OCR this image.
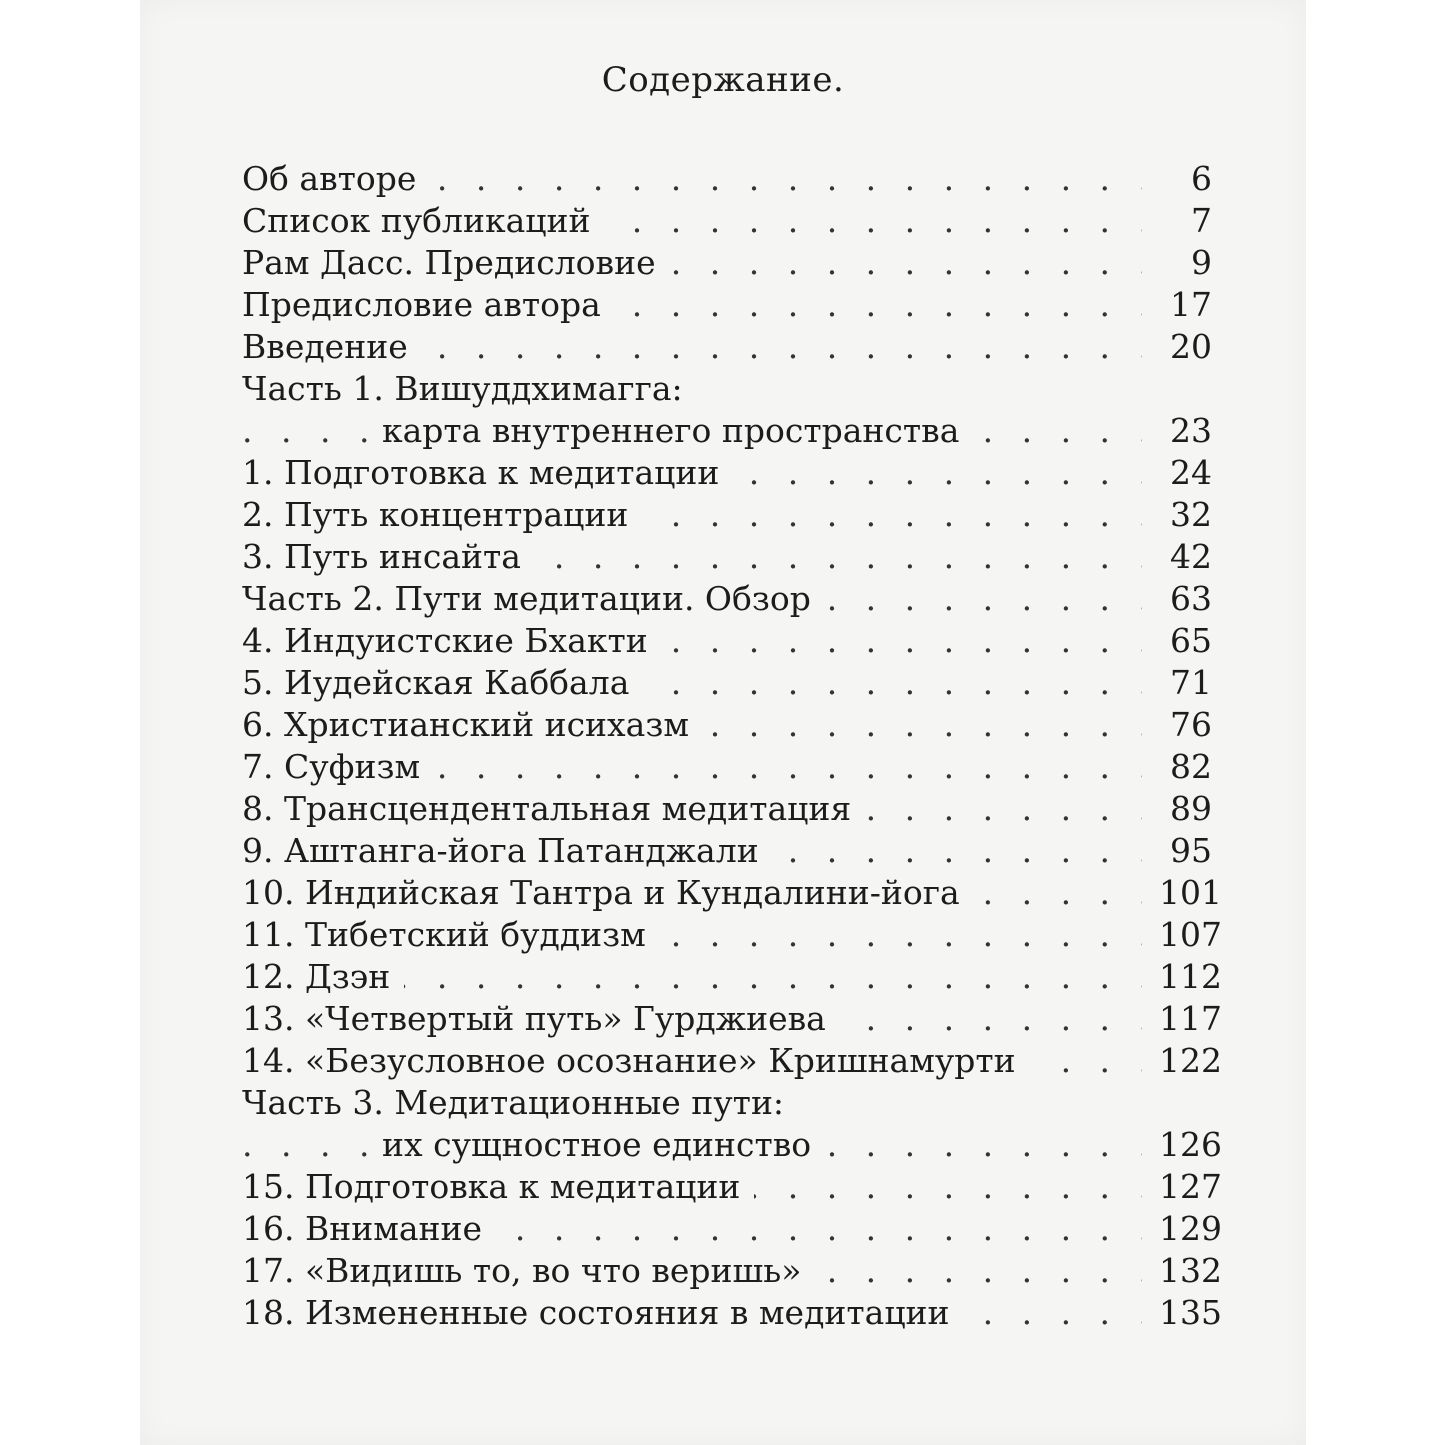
Содержание.
. . .
Об авторе	6
. . .
Список публикаций	7
. . .
Рам Дасс. Предисловие	9
. . .
Предисловие автора	17
. . .
Введение	20
Часть 1. Вишуддхимагга:
. . .
карта внутреннего пространства	23
. . .
1. Подготовка к медитации	24
. . .
2. Путь концентрации	32
. . .
3. Путь инсайта	42
. . .
Часть 2. Пути медитации. Обзор	63
. . .
4. Индуистские Бхакти	65
. . .
5. Иудейская Каббала	71
. . .
6. Христианский исихазм	76
. . .
7. Суфизм	82
. . .
8. Трансцендентальная медитация	89
. . .
9. Аштанга-йога Патанджали	95
. . .
10. Индийская Тантра и Кундалини-йога	101
. . .
11. Тибетский буддизм	107
. . .
12. Дзэн	112
. . .
13. «Четвертый путь» Гурджиева	117
. . .
14. «Безусловное осознание» Кришнамурти	122
Часть 3. Медитационные пути:
. . .
их сущностное единство	126
. . .
15. Подготовка к медитации	127
. . .
16. Внимание	129
. . .
17. «Видишь то, во что веришь»	132
. . .
18. Измененные состояния в медитации	135
